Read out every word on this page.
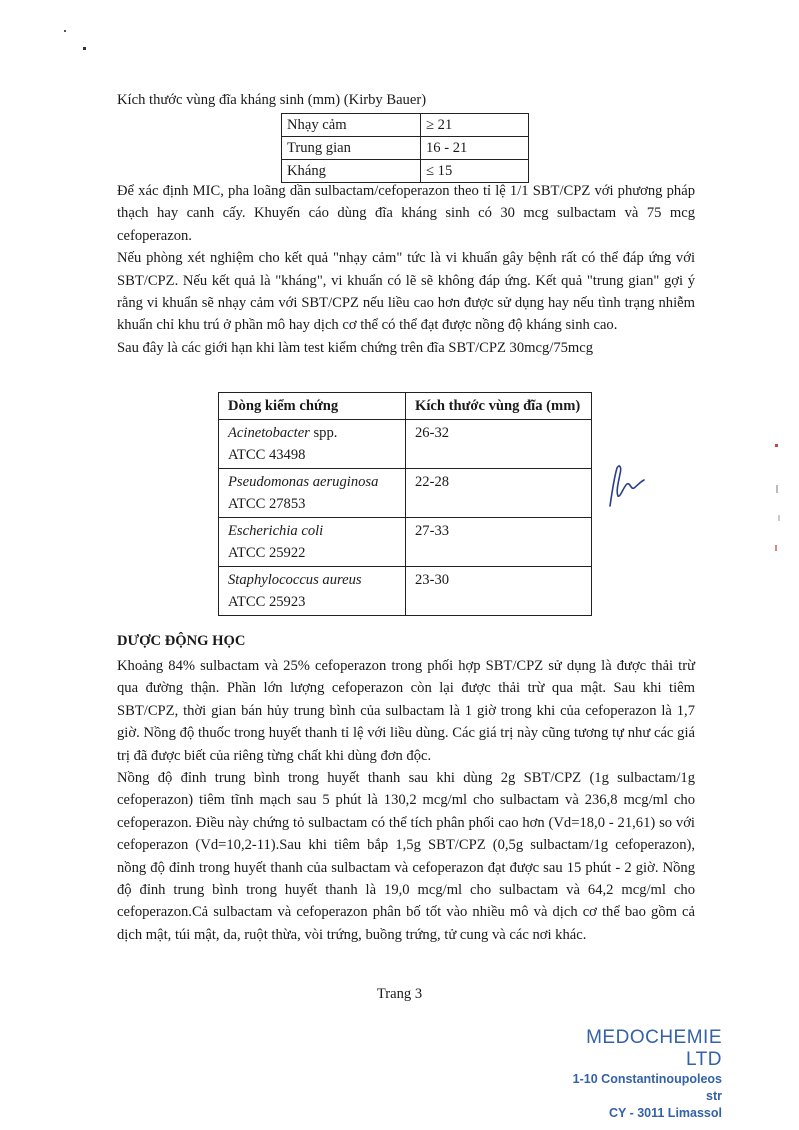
Kích thước vùng đĩa kháng sinh (mm) (Kirby Bauer)
Nhạy cảm	≥ 21
Trung gian	16 - 21
Kháng	≤ 15

Để xác định MIC, pha loãng dần sulbactam/cefoperazon theo tỉ lệ 1/1 SBT/CPZ với phương pháp thạch hay canh cấy. Khuyến cáo dùng đĩa kháng sinh có 30 mcg sulbactam và 75 mcg cefoperazon.

Nếu phòng xét nghiệm cho kết quả "nhạy cảm" tức là vi khuẩn gây bệnh rất có thể đáp ứng với SBT/CPZ. Nếu kết quả là "kháng", vi khuẩn có lẽ sẽ không đáp ứng. Kết quả "trung gian" gợi ý rằng vi khuẩn sẽ nhạy cảm với SBT/CPZ nếu liều cao hơn được sử dụng hay nếu tình trạng nhiễm khuẩn chỉ khu trú ở phần mô hay dịch cơ thể có thể đạt được nồng độ kháng sinh cao.

Sau đây là các giới hạn khi làm test kiểm chứng trên đĩa SBT/CPZ 30mcg/75mcg

Dòng kiểm chứng	Kích thước vùng đĩa (mm)
Acinetobacter spp.
ATCC 43498	26-32
Pseudomonas aeruginosa
ATCC 27853	22-28
Escherichia coli
ATCC 25922	27-33
Staphylococcus aureus
ATCC 25923	23-30
DƯỢC ĐỘNG HỌC

Khoảng 84% sulbactam và 25% cefoperazon trong phối hợp SBT/CPZ sử dụng là được thải trừ qua đường thận. Phần lớn lượng cefoperazon còn lại được thải trừ qua mật. Sau khi tiêm SBT/CPZ, thời gian bán hủy trung bình của sulbactam là 1 giờ trong khi của cefoperazon là 1,7 giờ. Nồng độ thuốc trong huyết thanh tỉ lệ với liều dùng. Các giá trị này cũng tương tự như các giá trị đã được biết của riêng từng chất khi dùng đơn độc.

Nồng độ đỉnh trung bình trong huyết thanh sau khi dùng 2g SBT/CPZ (1g sulbactam/1g cefoperazon) tiêm tĩnh mạch sau 5 phút là 130,2 mcg/ml cho sulbactam và 236,8 mcg/ml cho cefoperazon. Điều này chứng tỏ sulbactam có thể tích phân phối cao hơn (Vd=18,0 - 21,61) so với cefoperazon (Vd=10,2-11).Sau khi tiêm bắp 1,5g SBT/CPZ (0,5g sulbactam/1g cefoperazon), nồng độ đỉnh trong huyết thanh của sulbactam và cefoperazon đạt được sau 15 phút - 2 giờ. Nồng độ đỉnh trung bình trong huyết thanh là 19,0 mcg/ml cho sulbactam và 64,2 mcg/ml cho cefoperazon.Cả sulbactam và cefoperazon phân bố tốt vào nhiều mô và dịch cơ thể bao gồm cả dịch mật, túi mật, da, ruột thừa, vòi trứng, buồng trứng, tử cung và các nơi khác.

Trang 3
MEDOCHEMIE LTD
1-10 Constantinoupoleos str
CY - 3011 Limassol
